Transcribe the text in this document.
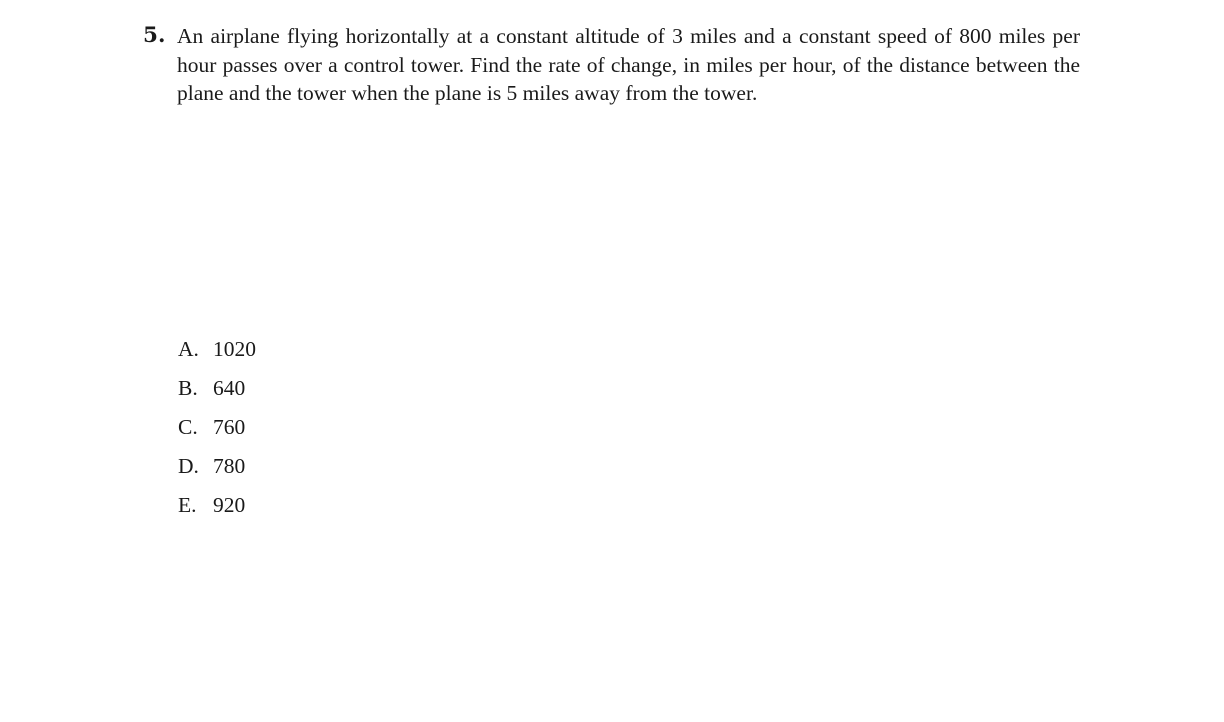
5. An airplane flying horizontally at a constant altitude of 3 miles and a constant speed of 800 miles per hour passes over a control tower. Find the rate of change, in miles per hour, of the distance between the plane and the tower when the plane is 5 miles away from the tower.

A. 1020
B. 640
C. 760
D. 780
E. 920
